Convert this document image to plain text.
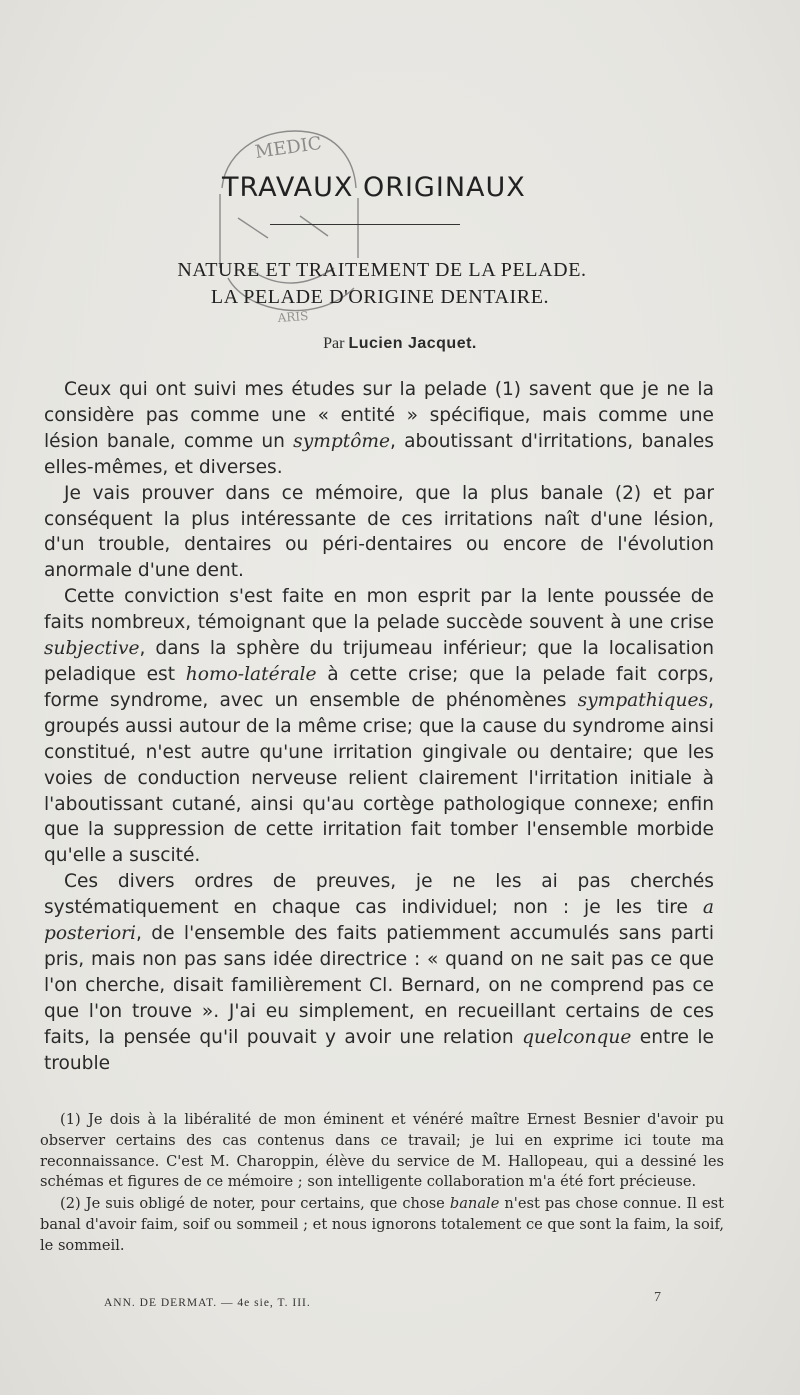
MEDIC
ARIS
TRAVAUX ORIGINAUX
NATURE ET TRAITEMENT DE LA PELADE.
LA PELADE D'ORIGINE DENTAIRE.
Par Lucien Jacquet.

Ceux qui ont suivi mes études sur la pelade (1) savent que je ne la considère pas comme une « entité » spécifique, mais comme une lésion banale, comme un symptôme, aboutissant d'irritations, banales elles-mêmes, et diverses.

Je vais prouver dans ce mémoire, que la plus banale (2) et par conséquent la plus intéressante de ces irritations naît d'une lésion, d'un trouble, dentaires ou péri-dentaires ou encore de l'évolution anormale d'une dent.

Cette conviction s'est faite en mon esprit par la lente poussée de faits nombreux, témoignant que la pelade succède souvent à une crise subjective, dans la sphère du trijumeau inférieur; que la localisation peladique est homo-latérale à cette crise; que la pelade fait corps, forme syndrome, avec un ensemble de phénomènes sympathiques, groupés aussi autour de la même crise; que la cause du syndrome ainsi constitué, n'est autre qu'une irritation gingivale ou dentaire; que les voies de conduction nerveuse relient clairement l'irritation initiale à l'aboutissant cutané, ainsi qu'au cortège pathologique connexe; enfin que la suppression de cette irritation fait tomber l'ensemble morbide qu'elle a suscité.

Ces divers ordres de preuves, je ne les ai pas cherchés systématiquement en chaque cas individuel; non : je les tire a posteriori, de l'ensemble des faits patiemment accumulés sans parti pris, mais non pas sans idée directrice : « quand on ne sait pas ce que l'on cherche, disait familièrement Cl. Bernard, on ne comprend pas ce que l'on trouve ». J'ai eu simplement, en recueillant certains de ces faits, la pensée qu'il pouvait y avoir une relation quelconque entre le trouble

(1) Je dois à la libéralité de mon éminent et vénéré maître Ernest Besnier d'avoir pu observer certains des cas contenus dans ce travail; je lui en exprime ici toute ma reconnaissance. C'est M. Charoppin, élève du service de M. Hallopeau, qui a dessiné les schémas et figures de ce mémoire ; son intelligente collaboration m'a été fort précieuse.

(2) Je suis obligé de noter, pour certains, que chose banale n'est pas chose connue. Il est banal d'avoir faim, soif ou sommeil ; et nous ignorons totalement ce que sont la faim, la soif, le sommeil.

ANN. DE DERMAT. — 4e sie, T. III.	7
